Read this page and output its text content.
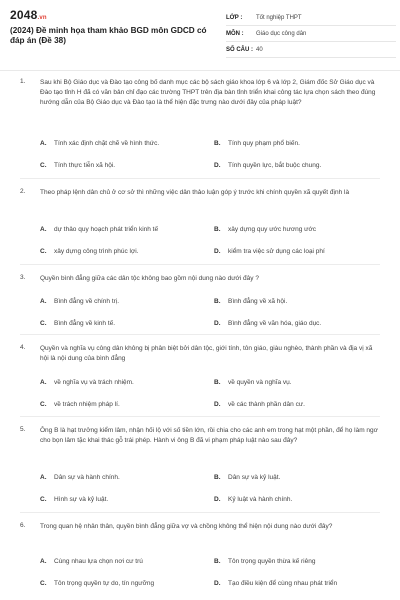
2048.vn
(2024) Đề minh họa tham khảo BGD môn GDCD có đáp án (Đề 38)
LỚP :	Tốt nghiệp THPT
MÔN :	Giáo dục công dân
SỐ CÂU : 40
1. Sau khi Bộ Giáo dục và Đào tạo công bố danh mục các bộ sách giáo khoa lớp 6 và lớp 2, Giám đốc Sở Giáo dục và Đào tạo tỉnh H đã có văn bản chỉ đạo các trường THPT trên địa bàn tỉnh triển khai công tác lựa chọn sách theo đúng hướng dẫn của Bộ Giáo dục và Đào tạo là thể hiện đặc trưng nào dưới đây của pháp luật?
A. Tính xác định chặt chẽ về hình thức.	B. Tính quy phạm phổ biến.
C. Tính thực tiễn xã hội.	D. Tính quyền lực, bắt buộc chung.
2. Theo pháp lệnh dân chủ ở cơ sở thì những việc dân thảo luận góp ý trước khi chính quyền xã quyết định là
A. dự thảo quy hoạch phát triển kinh tế	B. xây dựng quy ước hương ước
C. xây dựng công trình phúc lợi.	D. kiểm tra việc sử dụng các loại phí
3. Quyền bình đẳng giữa các dân tộc không bao gồm nội dung nào dưới đây ?
A. Bình đẳng về chính trị.	B. Bình đẳng về xã hội.
C. Bình đẳng về kinh tế.	D. Bình đẳng về văn hóa, giáo dục.
4. Quyền và nghĩa vụ công dân không bị phân biệt bởi dân tộc, giới tính, tôn giáo, giàu nghèo, thành phần và địa vị xã hội là nội dung của bình đẳng
A. về nghĩa vụ và trách nhiệm.	B. về quyền và nghĩa vụ.
C. về trách nhiệm pháp lí.	D. về các thành phần dân cư.
5. Ông B là hạt trưởng kiểm lâm, nhận hối lộ với số tiền lớn, rồi chia cho các anh em trong hạt một phần, để họ làm ngơ cho bọn lâm tặc khai thác gỗ trái phép. Hành vi ông B đã vi phạm pháp luật nào sau đây?
A. Dân sự và hành chính.	B. Dân sự và kỷ luật.
C. Hình sự và kỷ luật.	D. Kỷ luật và hành chính.
6. Trong quan hệ nhân thân, quyền bình đẳng giữa vợ và chồng không thể hiện nội dung nào dưới đây?
A. Cùng nhau lựa chọn nơi cư trú	B. Tôn trọng quyền thừa kế riêng
C. Tôn trọng quyền tự do, tín ngưỡng	D. Tạo điều kiện để cùng nhau phát triển
